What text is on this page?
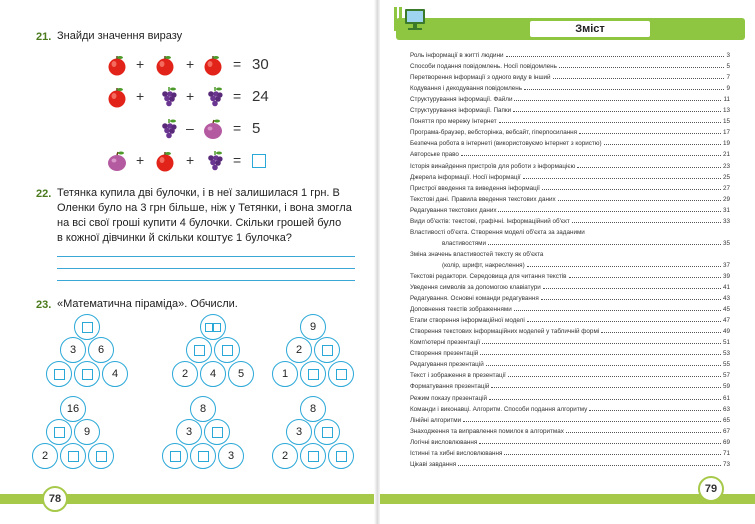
21. Знайди значення виразу
+	+	= 30
+	+	= 24
–	= 5
+	+	=
22. Тетянка купила дві булочки, і в неї залишилася 1 грн. В
Оленки було на 3 грн більше, ніж у Тетянки, і вона змогла
на всі свої гроші купити 4 булочки. Скільки грошей було
в кожної дівчинки й скільки коштує 1 булочка?
23. «Математична піраміда». Обчисли.
3	6
4	2	4	5
9
2
1
16
9
2
8
3
3
8
3
2
78
Зміст
Роль інформації в житті людини	3
Способи подання повідомлень. Носії повідомлень	5
Перетворення інформації з одного виду в інший	7
Кодування і декодування повідомлень	9
Структурування інформації. Файли	11
Структурування інформації. Папки	13
Поняття про мережу Інтернет	15
Програма-браузер, вебсторінка, вебсайт, гіперпосилання	17
Безпечна робота в інтернеті (використовуємо інтернет з користю)	19
Авторське право	21
Історія винайдення пристроїв для роботи з інформацією	23
Джерела інформації. Носії інформації	25
Пристрої введення та виведення інформації	27
Текстові дані. Правила введення текстових даних	29
Редагування текстових даних	31
Види об'єктів: текстові, графічні. Інформаційний об'єкт	33
Властивості об'єкта. Створення моделі об'єкта за заданими
властивостями	35
Зміна значень властивостей тексту як об'єкта
(колір, шрифт, накреслення)	37
Текстові редактори. Середовища для читання текстів	39
Уведення символів за допомогою клавіатури	41
Редагування. Основні команди редагування	43
Доповнення текстів зображеннями	45
Етапи створення інформаційної моделі	47
Створення текстових інформаційних моделей у табличній формі	49
Комп'ютерні презентації	51
Створення презентацій	53
Редагування презентацій	55
Текст і зображення в презентації	57
Форматування презентацій	59
Режим показу презентацій	61
Команди і виконавці. Алгоритм. Способи подання алгоритму	63
Лінійні алгоритми	65
Знаходження та виправлення помилок в алгоритмах	67
Логічні висловлювання	69
Істинні та хибні висловлювання	71
Цікаві завдання	73
79
